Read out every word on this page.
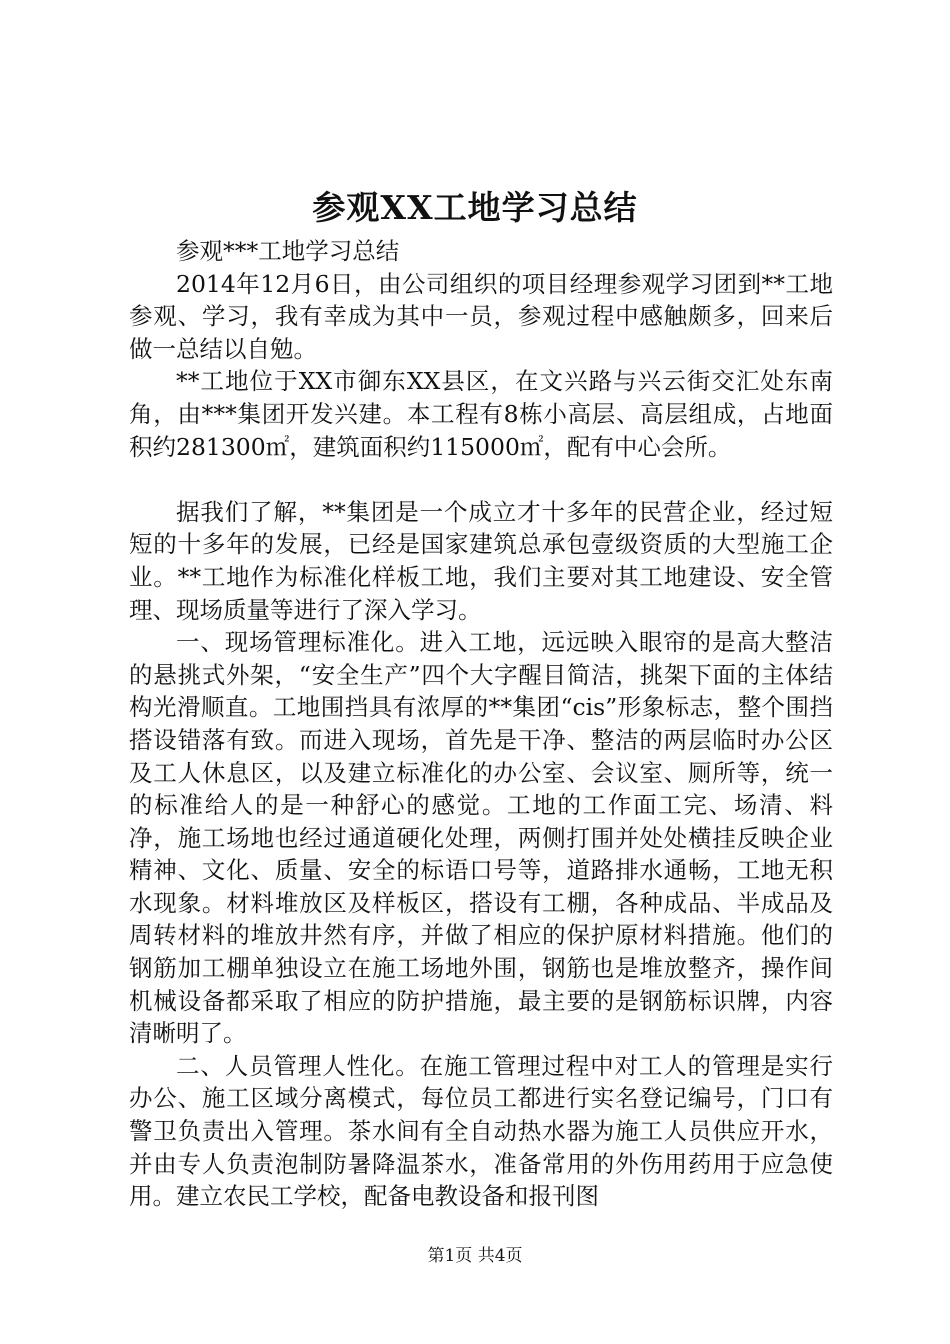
参观XX工地学习总结

参观***工地学习总结

2014年12月6日，由公司组织的项目经理参观学习团到**工地参观、学习，我有幸成为其中一员，参观过程中感触颇多，回来后做一总结以自勉。

**工地位于XX市御东XX县区，在文兴路与兴云街交汇处东南角，由***集团开发兴建。本工程有8栋小高层、高层组成，占地面积约281300㎡，建筑面积约115000㎡，配有中心会所。

据我们了解，**集团是一个成立才十多年的民营企业，经过短短的十多年的发展，已经是国家建筑总承包壹级资质的大型施工企业。**工地作为标准化样板工地，我们主要对其工地建设、安全管理、现场质量等进行了深入学习。

一、现场管理标准化。进入工地，远远映入眼帘的是高大整洁的悬挑式外架，“安全生产”四个大字醒目简洁，挑架下面的主体结构光滑顺直。工地围挡具有浓厚的**集团“cis”形象标志，整个围挡搭设错落有致。而进入现场，首先是干净、整洁的两层临时办公区及工人休息区，以及建立标准化的办公室、会议室、厕所等，统一的标准给人的是一种舒心的感觉。工地的工作面工完、场清、料净，施工场地也经过通道硬化处理，两侧打围并处处横挂反映企业精神、文化、质量、安全的标语口号等，道路排水通畅，工地无积水现象。材料堆放区及样板区，搭设有工棚，各种成品、半成品及周转材料的堆放井然有序，并做了相应的保护原材料措施。他们的钢筋加工棚单独设立在施工场地外围，钢筋也是堆放整齐，操作间机械设备都采取了相应的防护措施，最主要的是钢筋标识牌，内容清晰明了。

二、人员管理人性化。在施工管理过程中对工人的管理是实行办公、施工区域分离模式，每位员工都进行实名登记编号，门口有警卫负责出入管理。茶水间有全自动热水器为施工人员供应开水，并由专人负责泡制防暑降温茶水，准备常用的外伤用药用于应急使用。建立农民工学校，配备电教设备和报刊图

第1页 共4页
